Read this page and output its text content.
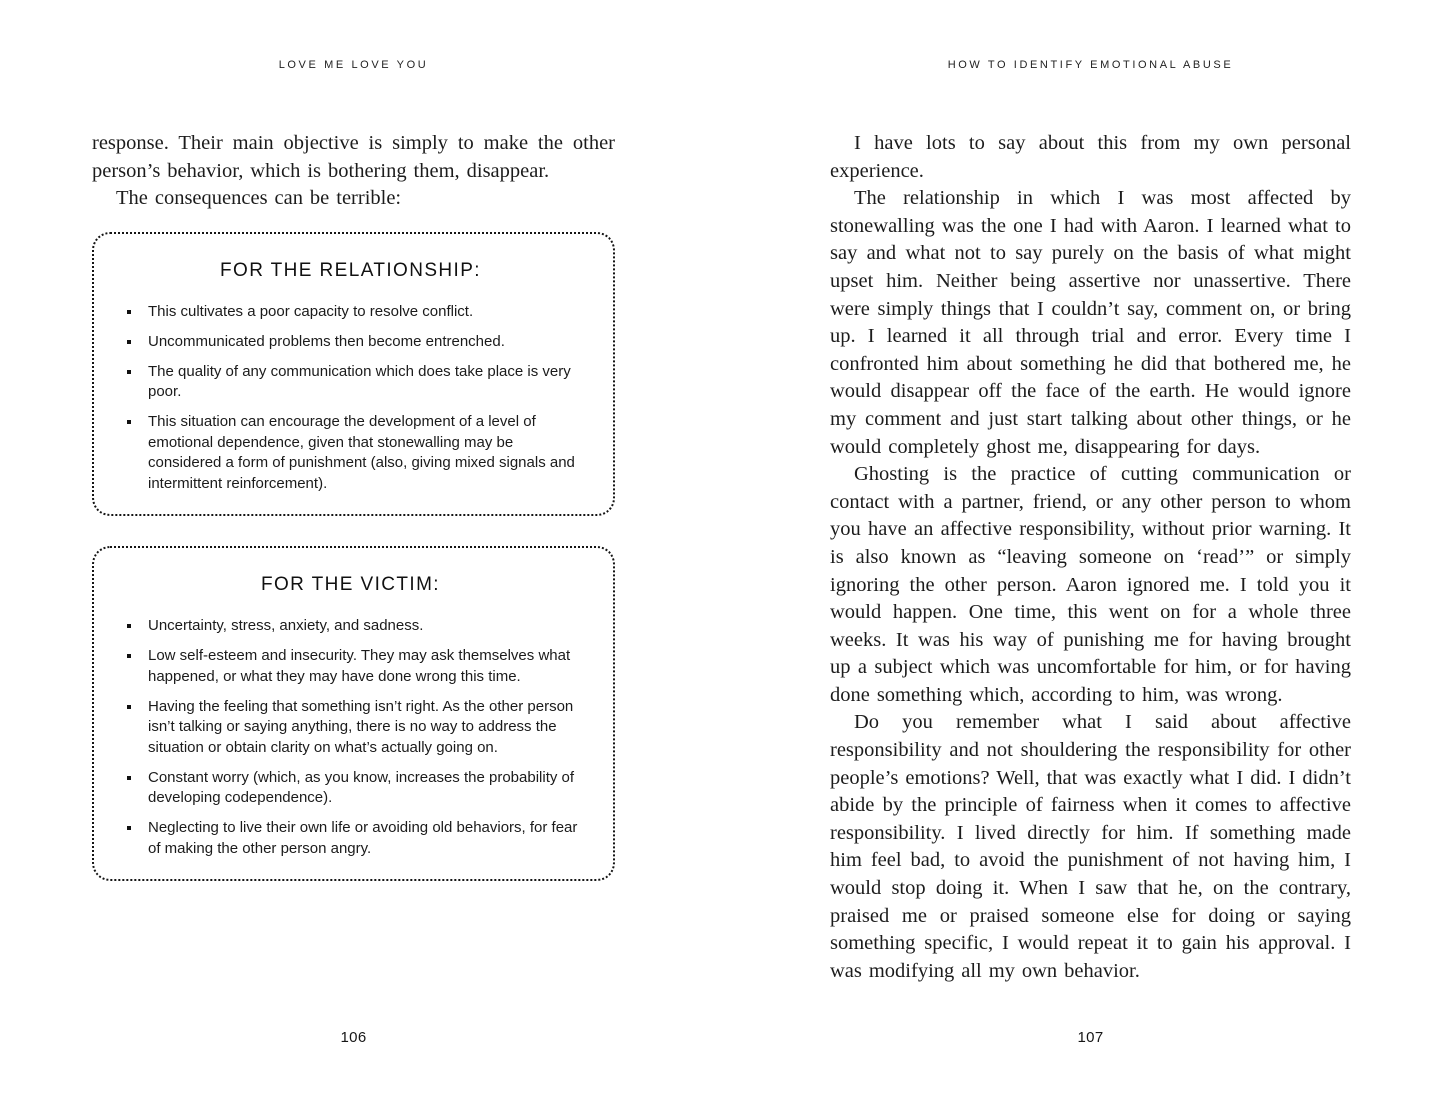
LOVE ME LOVE YOU

response. Their main objective is simply to make the other person’s behavior, which is bothering them, disappear.

The consequences can be terrible:

FOR THE RELATIONSHIP:
This cultivates a poor capacity to resolve conflict.
Uncommunicated problems then become entrenched.
The quality of any communication which does take place is very poor.
This situation can encourage the development of a level of emotional dependence, given that stonewalling may be considered a form of punishment (also, giving mixed signals and intermittent reinforcement).
FOR THE VICTIM:
Uncertainty, stress, anxiety, and sadness.
Low self-esteem and insecurity. They may ask themselves what happened, or what they may have done wrong this time.
Having the feeling that something isn’t right. As the other person isn’t talking or saying anything, there is no way to address the situation or obtain clarity on what’s actually going on.
Constant worry (which, as you know, increases the probability of developing codependence).
Neglecting to live their own life or avoiding old behaviors, for fear of making the other person angry.
106
HOW TO IDENTIFY EMOTIONAL ABUSE

I have lots to say about this from my own personal experience.

The relationship in which I was most affected by stonewalling was the one I had with Aaron. I learned what to say and what not to say purely on the basis of what might upset him. Neither being assertive nor unassertive. There were simply things that I couldn’t say, comment on, or bring up. I learned it all through trial and error. Every time I confronted him about something he did that bothered me, he would disappear off the face of the earth. He would ignore my comment and just start talking about other things, or he would completely ghost me, disappearing for days.

Ghosting is the practice of cutting communication or contact with a partner, friend, or any other person to whom you have an affective responsibility, without prior warning. It is also known as “leaving someone on ‘read’” or simply ignoring the other person. Aaron ignored me. I told you it would happen. One time, this went on for a whole three weeks. It was his way of punishing me for having brought up a subject which was uncomfortable for him, or for having done something which, according to him, was wrong.

Do you remember what I said about affective responsibility and not shouldering the responsibility for other people’s emotions? Well, that was exactly what I did. I didn’t abide by the principle of fairness when it comes to affective responsibility. I lived directly for him. If something made him feel bad, to avoid the punishment of not having him, I would stop doing it. When I saw that he, on the contrary, praised me or praised someone else for doing or saying something specific, I would repeat it to gain his approval. I was modifying all my own behavior.

107
